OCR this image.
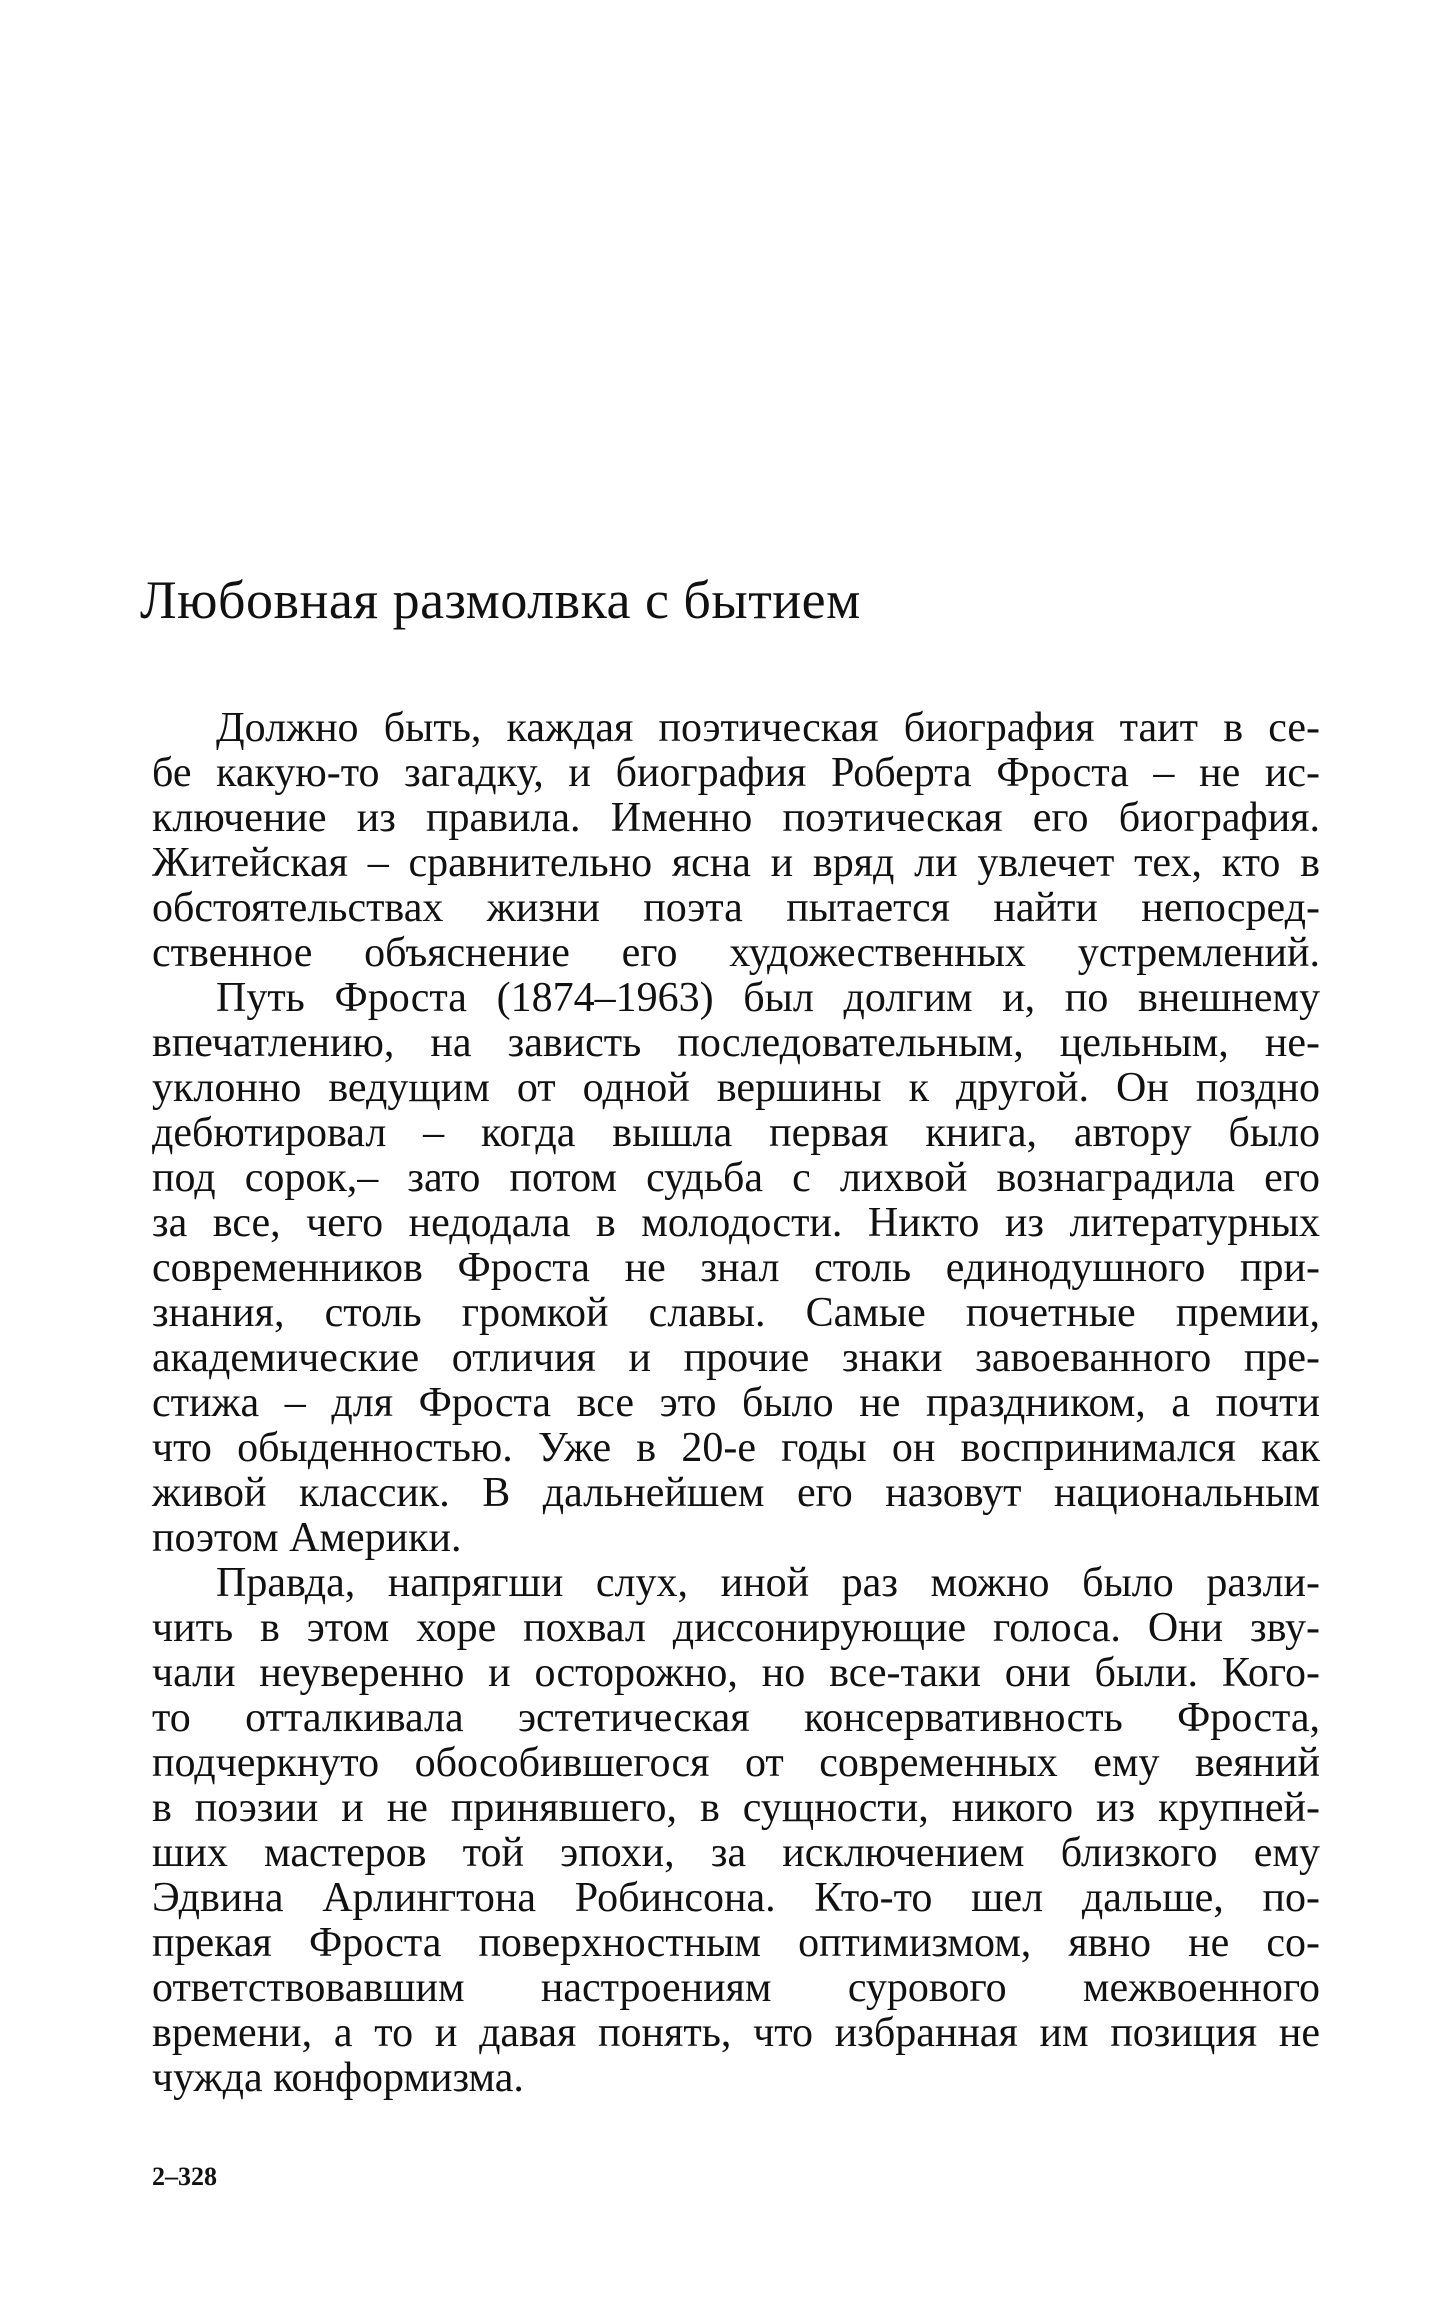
Любовная размолвка с бытием
Должно быть, каждая поэтическая биография таит в се-
бе какую-то загадку, и биография Роберта Фроста – не ис-
ключение из правила. Именно поэтическая его биография.
Житейская – сравнительно ясна и вряд ли увлечет тех, кто в
обстоятельствах жизни поэта пытается найти непосред-
ственное объяснение его художественных устремлений.
Путь Фроста (1874–1963) был долгим и, по внешнему
впечатлению, на зависть последовательным, цельным, не-
уклонно ведущим от одной вершины к другой. Он поздно
дебютировал – когда вышла первая книга, автору было
под сорок,– зато потом судьба с лихвой вознаградила его
за все, чего недодала в молодости. Никто из литературных
современников Фроста не знал столь единодушного при-
знания, столь громкой славы. Самые почетные премии,
академические отличия и прочие знаки завоеванного пре-
стижа – для Фроста все это было не праздником, а почти
что обыденностью. Уже в 20-е годы он воспринимался как
живой классик. В дальнейшем его назовут национальным
поэтом Америки.
Правда, напрягши слух, иной раз можно было разли-
чить в этом хоре похвал диссонирующие голоса. Они зву-
чали неуверенно и осторожно, но все-таки они были. Кого-
то отталкивала эстетическая консервативность Фроста,
подчеркнуто обособившегося от современных ему веяний
в поэзии и не принявшего, в сущности, никого из крупней-
ших мастеров той эпохи, за исключением близкого ему
Эдвина Арлингтона Робинсона. Кто-то шел дальше, по-
прекая Фроста поверхностным оптимизмом, явно не со-
ответствовавшим настроениям сурового межвоенного
времени, а то и давая понять, что избранная им позиция не
чужда конформизма.
2–328
